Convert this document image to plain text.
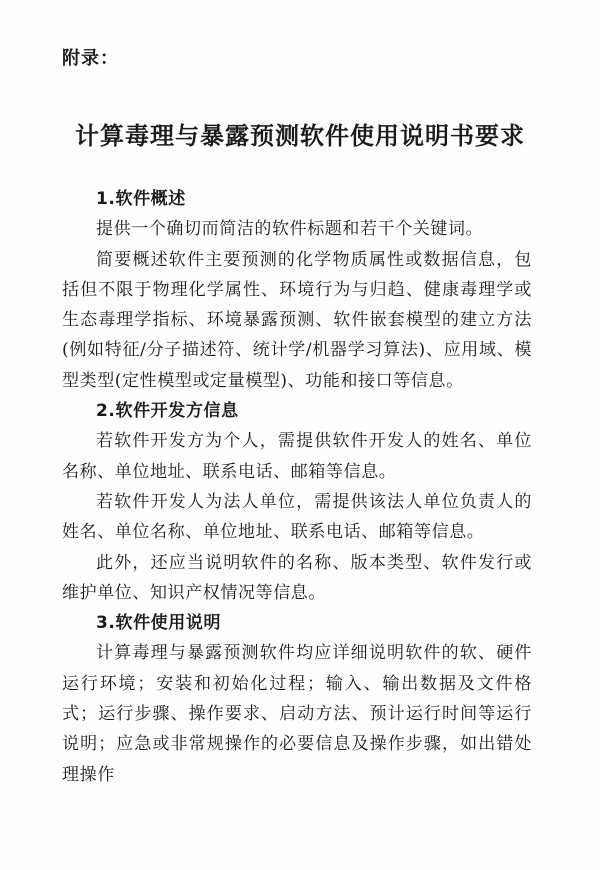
附录：
计算毒理与暴露预测软件使用说明书要求

1.软件概述

提供一个确切而简洁的软件标题和若干个关键词。

简要概述软件主要预测的化学物质属性或数据信息，包括但不限于物理化学属性、环境行为与归趋、健康毒理学或生态毒理学指标、环境暴露预测、软件嵌套模型的建立方法(例如特征/分子描述符、统计学/机器学习算法)、应用域、模型类型(定性模型或定量模型)、功能和接口等信息。

2.软件开发方信息

若软件开发方为个人，需提供软件开发人的姓名、单位名称、单位地址、联系电话、邮箱等信息。

若软件开发人为法人单位，需提供该法人单位负责人的姓名、单位名称、单位地址、联系电话、邮箱等信息。

此外，还应当说明软件的名称、版本类型、软件发行或维护单位、知识产权情况等信息。

3.软件使用说明

计算毒理与暴露预测软件均应详细说明软件的软、硬件运行环境；安装和初始化过程；输入、输出数据及文件格式；运行步骤、操作要求、启动方法、预计运行时间等运行说明；应急或非常规操作的必要信息及操作步骤，如出错处理操作
